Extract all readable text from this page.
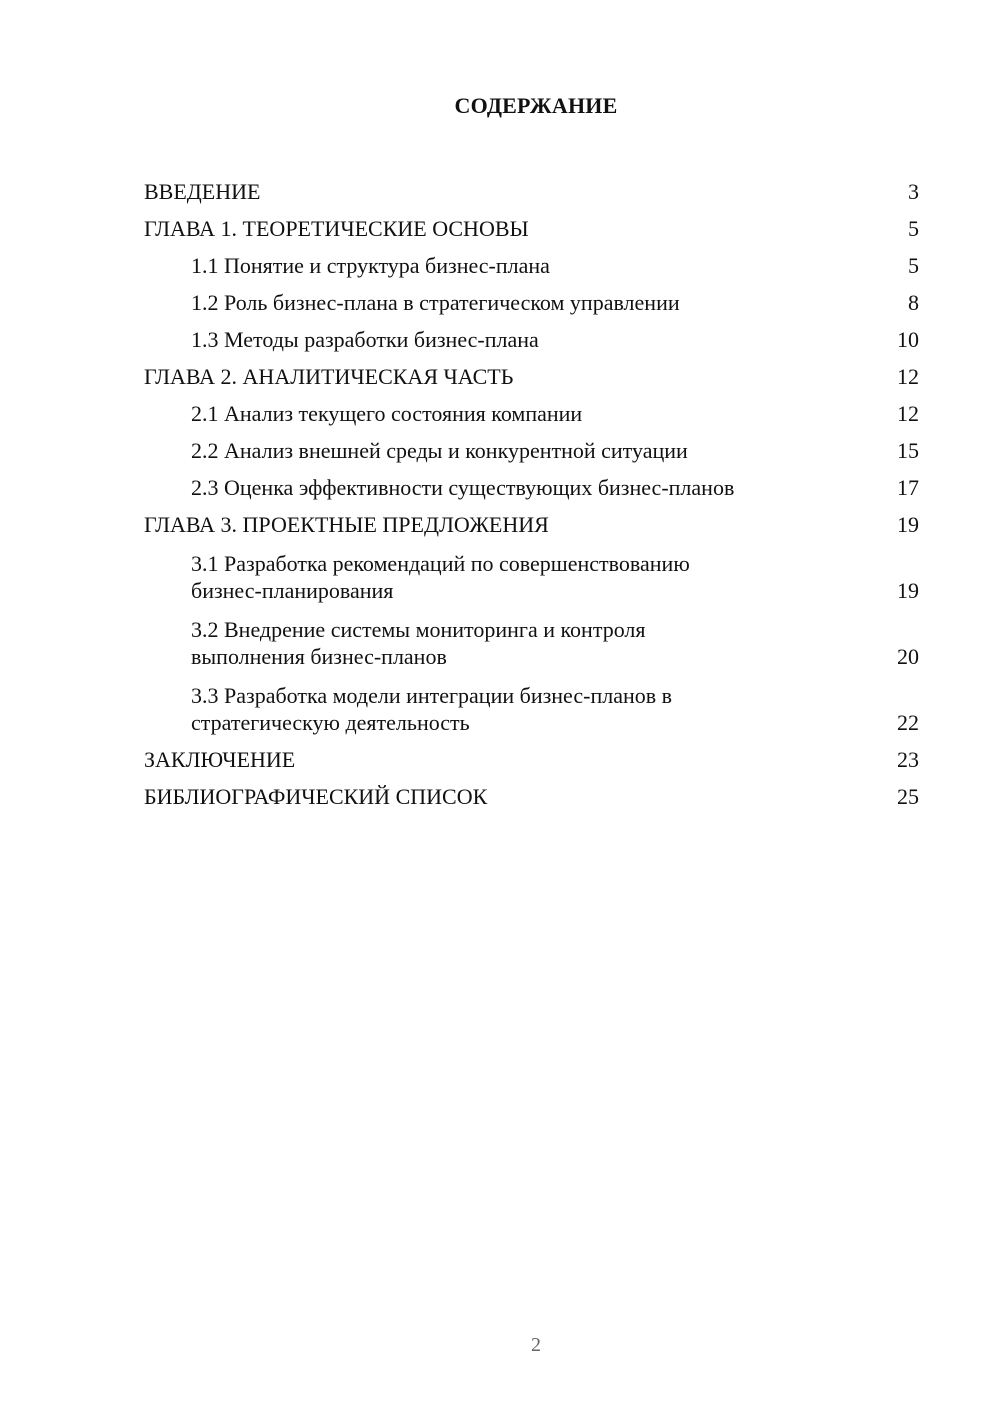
СОДЕРЖАНИЕ
ВВЕДЕНИЕ	3
ГЛАВА 1. ТЕОРЕТИЧЕСКИЕ ОСНОВЫ	5
1.1 Понятие и структура бизнес-плана	5
1.2 Роль бизнес-плана в стратегическом управлении	8
1.3 Методы разработки бизнес-плана	10
ГЛАВА 2. АНАЛИТИЧЕСКАЯ ЧАСТЬ	12
2.1 Анализ текущего состояния компании	12
2.2 Анализ внешней среды и конкурентной ситуации	15
2.3 Оценка эффективности существующих бизнес-планов	17
ГЛАВА 3. ПРОЕКТНЫЕ ПРЕДЛОЖЕНИЯ	19
3.1 Разработка рекомендаций по совершенствованию
бизнес-планирования	19
3.2 Внедрение системы мониторинга и контроля
выполнения бизнес-планов	20
3.3 Разработка модели интеграции бизнес-планов в
стратегическую деятельность	22
ЗАКЛЮЧЕНИЕ	23
БИБЛИОГРАФИЧЕСКИЙ СПИСОК	25
2
